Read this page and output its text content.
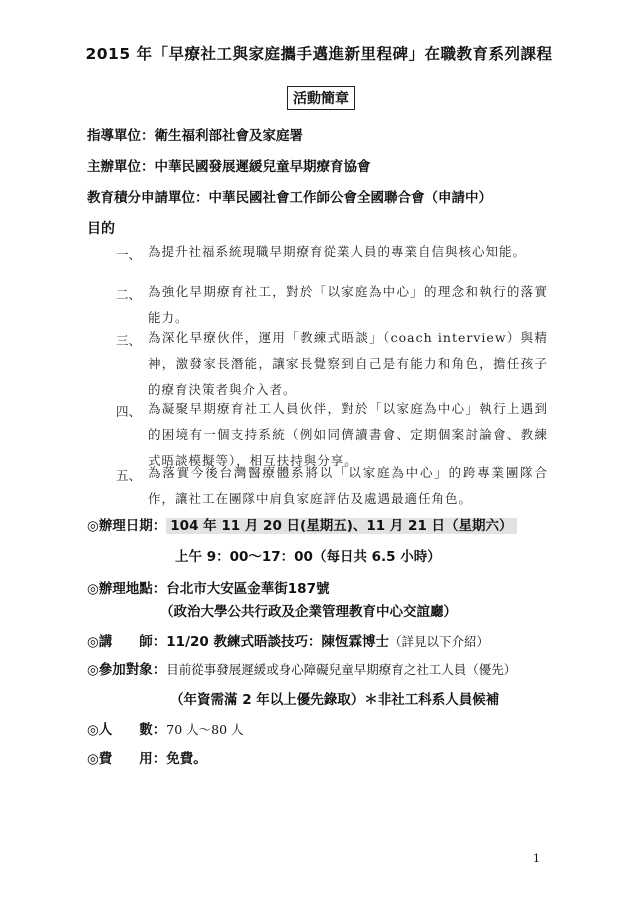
2015 年「早療社工與家庭攜手邁進新里程碑」在職教育系列課程
活動簡章
指導單位：衛生福利部社會及家庭署
主辦單位：中華民國發展遲緩兒童早期療育協會
教育積分申請單位：中華民國社會工作師公會全國聯合會（申請中）
目的
一、 為提升社福系統現職早期療育從業人員的專業自信與核心知能。
二、 為強化早期療育社工，對於「以家庭為中心」的理念和執行的落實能力。
三、 為深化早療伙伴，運用「教練式晤談」（coach interview）與精神，激發家長潛能，讓家長覺察到自己是有能力和角色，擔任孩子的療育決策者與介入者。
四、 為凝聚早期療育社工人員伙伴，對於「以家庭為中心」執行上遇到的困境有一個支持系統（例如同儕讀書會、定期個案討論會、教練式晤談模擬等），相互扶持與分享。
五、 為落實今後台灣醫療體系將以「以家庭為中心」的跨專業團隊合作，讓社工在團隊中肩負家庭評估及處遇最適任角色。
◎辦理日期： 104 年 11 月 20 日(星期五)、11 月 21 日（星期六）
上午 9：00～17：00（每日共 6.5 小時）
◎辦理地點：台北市大安區金華街187號
（政治大學公共行政及企業管理教育中心交誼廳）
◎講　　師：11/20 教練式晤談技巧：陳恆霖博士（詳見以下介紹）
◎參加對象：目前從事發展遲緩或身心障礙兒童早期療育之社工人員（優先）
（年資需滿 2 年以上優先錄取）＊非社工科系人員候補
◎人　　數：70 人～80 人
◎費　　用：免費。
1
